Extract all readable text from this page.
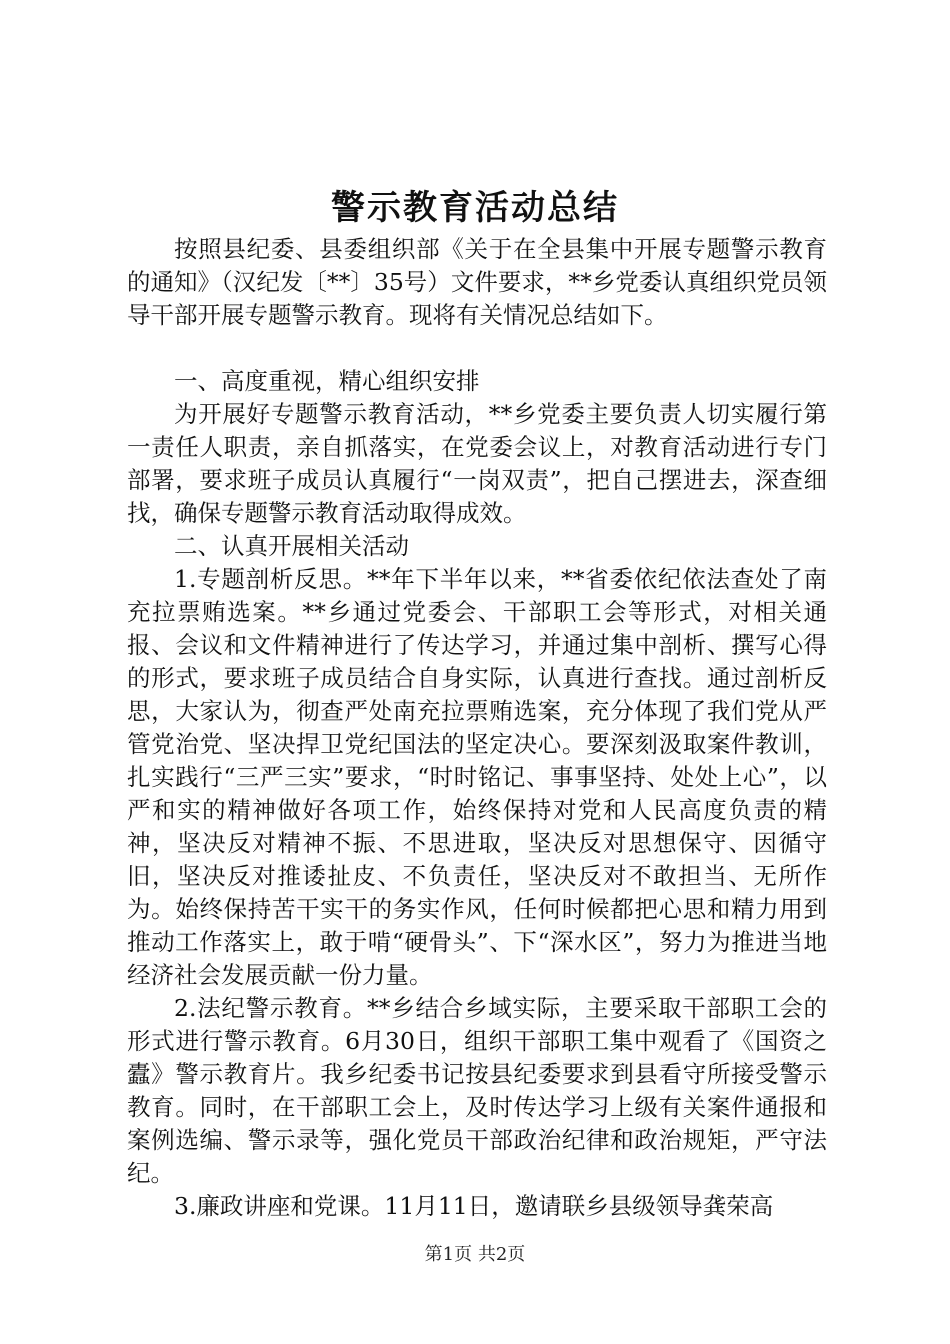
警示教育活动总结

按照县纪委、县委组织部《关于在全县集中开展专题警示教育的通知》（汉纪发〔**〕35号）文件要求，**乡党委认真组织党员领导干部开展专题警示教育。现将有关情况总结如下。

一、高度重视，精心组织安排

为开展好专题警示教育活动，**乡党委主要负责人切实履行第一责任人职责，亲自抓落实，在党委会议上，对教育活动进行专门部署，要求班子成员认真履行“一岗双责”，把自己摆进去，深查细找，确保专题警示教育活动取得成效。

二、认真开展相关活动

1.专题剖析反思。**年下半年以来，**省委依纪依法查处了南充拉票贿选案。**乡通过党委会、干部职工会等形式，对相关通报、会议和文件精神进行了传达学习，并通过集中剖析、撰写心得的形式，要求班子成员结合自身实际，认真进行查找。通过剖析反思，大家认为，彻查严处南充拉票贿选案，充分体现了我们党从严管党治党、坚决捍卫党纪国法的坚定决心。要深刻汲取案件教训，扎实践行“三严三实”要求，“时时铭记、事事坚持、处处上心”，以严和实的精神做好各项工作，始终保持对党和人民高度负责的精神，坚决反对精神不振、不思进取，坚决反对思想保守、因循守旧，坚决反对推诿扯皮、不负责任，坚决反对不敢担当、无所作为。始终保持苦干实干的务实作风，任何时候都把心思和精力用到推动工作落实上，敢于啃“硬骨头”、下“深水区”，努力为推进当地经济社会发展贡献一份力量。

2.法纪警示教育。**乡结合乡域实际，主要采取干部职工会的形式进行警示教育。6月30日，组织干部职工集中观看了《国资之蠹》警示教育片。我乡纪委书记按县纪委要求到县看守所接受警示教育。同时，在干部职工会上，及时传达学习上级有关案件通报和案例选编、警示录等，强化党员干部政治纪律和政治规矩，严守法纪。

3.廉政讲座和党课。11月11日，邀请联乡县级领导龚荣高

第1页 共2页
